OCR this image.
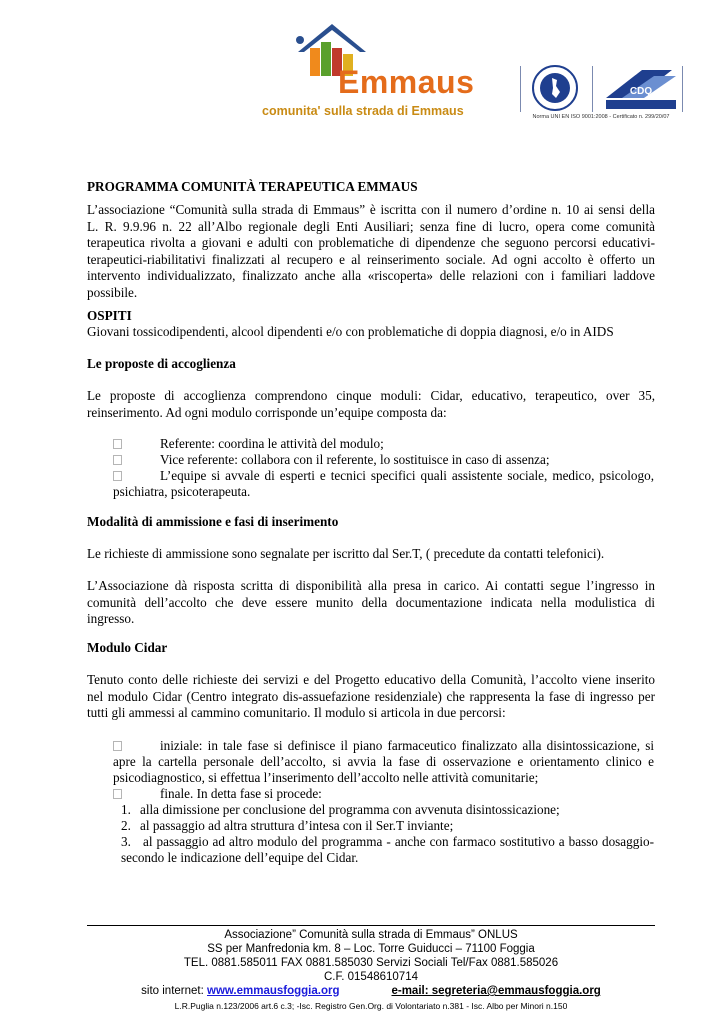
Emmaus
comunita' sulla strada di Emmaus
CDQ
Norma UNI EN ISO 9001:2008 - Certificato n. 299/20/07
PROGRAMMA COMUNITÀ TERAPEUTICA EMMAUS
L’associazione “Comunità sulla strada di Emmaus” è iscritta con il numero d’ordine n. 10 ai sensi della
L. R. 9.9.96 n. 22 all’Albo regionale degli Enti Ausiliari; senza fine di lucro, opera come comunità
terapeutica rivolta a giovani e adulti con problematiche di dipendenze che seguono percorsi educativi-
terapeutici-riabilitativi finalizzati al recupero e al reinserimento sociale. Ad ogni accolto è offerto un
intervento individualizzato, finalizzato anche alla «riscoperta» delle relazioni con i familiari laddove
possibile.
OSPITI
Giovani tossicodipendenti, alcool dipendenti e/o con problematiche di doppia diagnosi, e/o in AIDS
Le proposte di accoglienza
Le proposte di accoglienza comprendono cinque moduli: Cidar, educativo, terapeutico, over 35,
reinserimento. Ad ogni modulo corrisponde un’equipe composta da:
Referente: coordina le attività del modulo;
Vice referente: collabora con il referente, lo sostituisce in caso di assenza;
L’equipe si avvale di esperti e tecnici specifici quali assistente sociale, medico, psicologo,
psichiatra, psicoterapeuta.
Modalità di ammissione e fasi di inserimento
Le richieste di ammissione sono segnalate per iscritto dal Ser.T, ( precedute da contatti telefonici).
L’Associazione dà risposta scritta di disponibilità alla presa in carico. Ai contatti segue l’ingresso in
comunità dell’accolto che deve essere munito della documentazione indicata nella modulistica di
ingresso.
Modulo Cidar
Tenuto conto delle richieste dei servizi e del Progetto educativo della Comunità, l’accolto viene inserito
nel modulo Cidar (Centro integrato dis-assuefazione residenziale) che rappresenta la fase di ingresso per
tutti gli ammessi al cammino comunitario. Il modulo si articola in due percorsi:
iniziale: in tale fase si definisce il piano farmaceutico finalizzato alla disintossicazione, si
apre la cartella personale dell’accolto, si avvia la fase di osservazione e orientamento clinico e
psicodiagnostico, si effettua l’inserimento dell’accolto nelle attività comunitarie;
finale. In detta fase si procede:
1. alla dimissione per conclusione del programma con avvenuta disintossicazione;
2. al passaggio ad altra struttura d’intesa con il Ser.T inviante;
3. al passaggio ad altro modulo del programma - anche con farmaco sostitutivo a basso dosaggio-
secondo le indicazione dell’equipe del Cidar.
Associazione” Comunità sulla strada di Emmaus” ONLUS
SS per Manfredonia km. 8 – Loc. Torre Guiducci – 71100 Foggia
TEL. 0881.585011 FAX 0881.585030 Servizi Sociali Tel/Fax 0881.585026
C.F. 01548610714
sito internet: www.emmausfoggia.org	e-mail: segreteria@emmausfoggia.org
L.R.Puglia n.123/2006 art.6 c.3; -Isc. Registro Gen.Org. di Volontariato n.381 - Isc. Albo per Minori n.150
